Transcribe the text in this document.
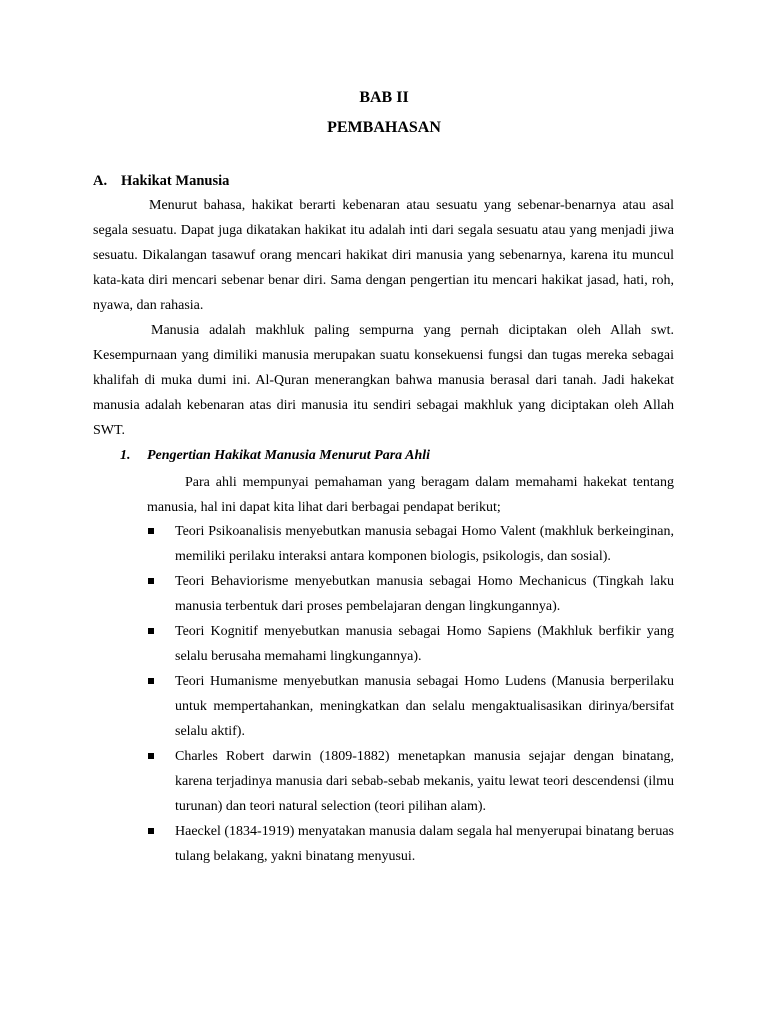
BAB II
PEMBAHASAN
A. Hakikat Manusia
Menurut bahasa, hakikat berarti kebenaran atau sesuatu yang sebenar-benarnya atau asal segala sesuatu. Dapat juga dikatakan hakikat itu adalah inti dari segala sesuatu atau yang menjadi jiwa sesuatu. Dikalangan tasawuf orang mencari hakikat diri manusia yang sebenarnya, karena itu muncul kata-kata diri mencari sebenar benar diri. Sama dengan pengertian itu mencari hakikat jasad, hati, roh, nyawa, dan rahasia.
Manusia adalah makhluk paling sempurna yang pernah diciptakan oleh Allah swt. Kesempurnaan yang dimiliki manusia merupakan suatu konsekuensi fungsi dan tugas mereka sebagai khalifah di muka dumi ini. Al-Quran menerangkan bahwa manusia berasal dari tanah. Jadi hakekat manusia adalah kebenaran atas diri manusia itu sendiri sebagai makhluk yang diciptakan oleh Allah SWT.
1. Pengertian Hakikat Manusia Menurut Para Ahli
Para ahli mempunyai pemahaman yang beragam dalam memahami hakekat tentang manusia, hal ini dapat kita lihat dari berbagai pendapat berikut;
Teori Psikoanalisis menyebutkan manusia sebagai Homo Valent (makhluk berkeinginan, memiliki perilaku interaksi antara komponen biologis, psikologis, dan sosial).
Teori Behaviorisme menyebutkan manusia sebagai Homo Mechanicus (Tingkah laku manusia terbentuk dari proses pembelajaran dengan lingkungannya).
Teori Kognitif menyebutkan manusia sebagai Homo Sapiens (Makhluk berfikir yang selalu berusaha memahami lingkungannya).
Teori Humanisme menyebutkan manusia sebagai Homo Ludens (Manusia berperilaku untuk mempertahankan, meningkatkan dan selalu mengaktualisasikan dirinya/bersifat selalu aktif).
Charles Robert darwin (1809-1882) menetapkan manusia sejajar dengan binatang, karena terjadinya manusia dari sebab-sebab mekanis, yaitu lewat teori descendensi (ilmu turunan) dan teori natural selection (teori pilihan alam).
Haeckel (1834-1919) menyatakan manusia dalam segala hal menyerupai binatang beruas tulang belakang, yakni binatang menyusui.
